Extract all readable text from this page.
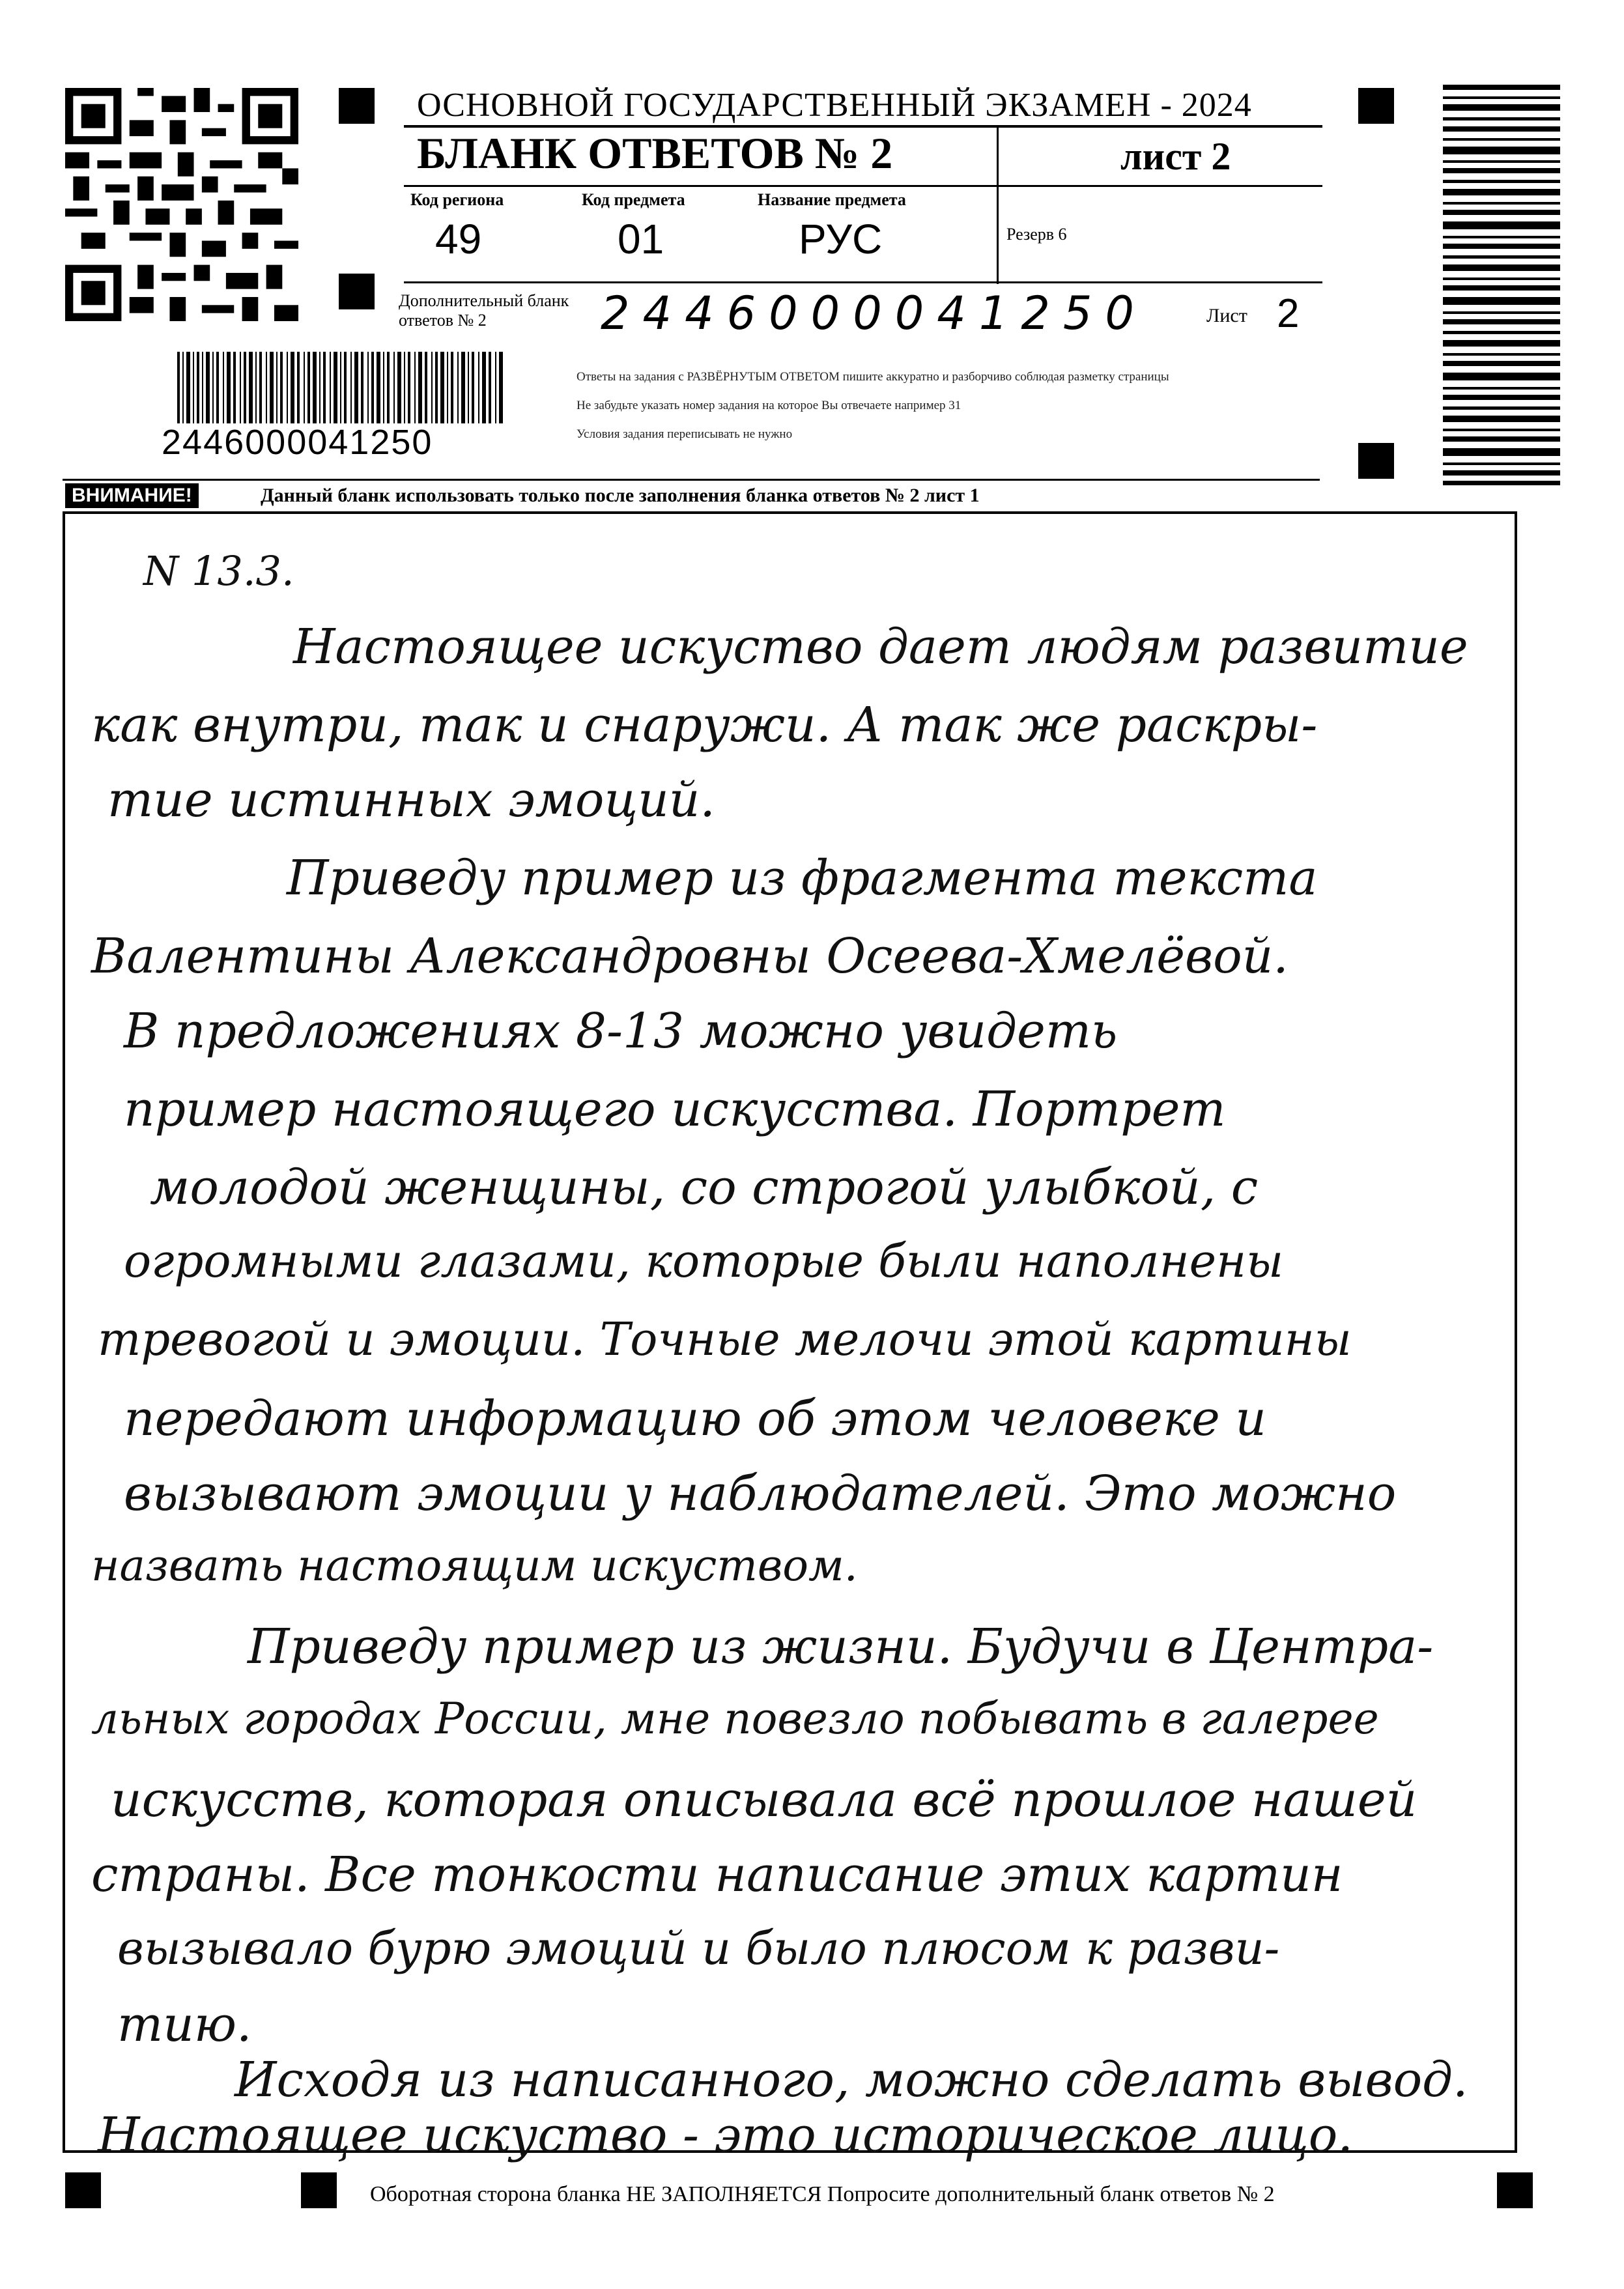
2446000041250
ОСНОВНОЙ ГОСУДАРСТВЕННЫЙ ЭКЗАМЕН - 2024
БЛАНК ОТВЕТОВ № 2	лист 2
Код региона	Код предмета	Название предмета
49	01	РУС	Резерв 6
Дополнительный бланк ответов № 2	2446000041250	Лист 2
Ответы на задания с РАЗВЁРНУТЫМ ОТВЕТОМ пишите аккуратно и разборчиво соблюдая разметку страницы
Не забудьте указать номер задания на которое Вы отвечаете например 31
Условия задания переписывать не нужно
ВНИМАНИЕ!	Данный бланк использовать только после заполнения бланка ответов № 2 лист 1
N 13.3.
Настоящее искуство дает людям развитие
как внутри, так и снаружи. А так же раскры-
тие истинных эмоций.
Приведу пример из фрагмента текста
Валентины Александровны Осеева-Хмелёвой.
В предложениях 8-13 можно увидеть
пример настоящего искусства. Портрет
молодой женщины, со строгой улыбкой, с
огромными глазами, которые были наполнены
тревогой и эмоции. Точные мелочи этой картины
передают информацию об этом человеке и
вызывают эмоции у наблюдателей. Это можно
назвать настоящим искуством.
Приведу пример из жизни. Будучи в Центра-
льных городах России, мне повезло побывать в галерее
искусств, которая описывала всё прошлое нашей
страны. Все тонкости написание этих картин
вызывало бурю эмоций и было плюсом к разви-
тию.
Исходя из написанного, можно сделать вывод.
Настоящее искуство - это историческое лицо.
Оборотная сторона бланка НЕ ЗАПОЛНЯЕТСЯ Попросите дополнительный бланк ответов № 2
